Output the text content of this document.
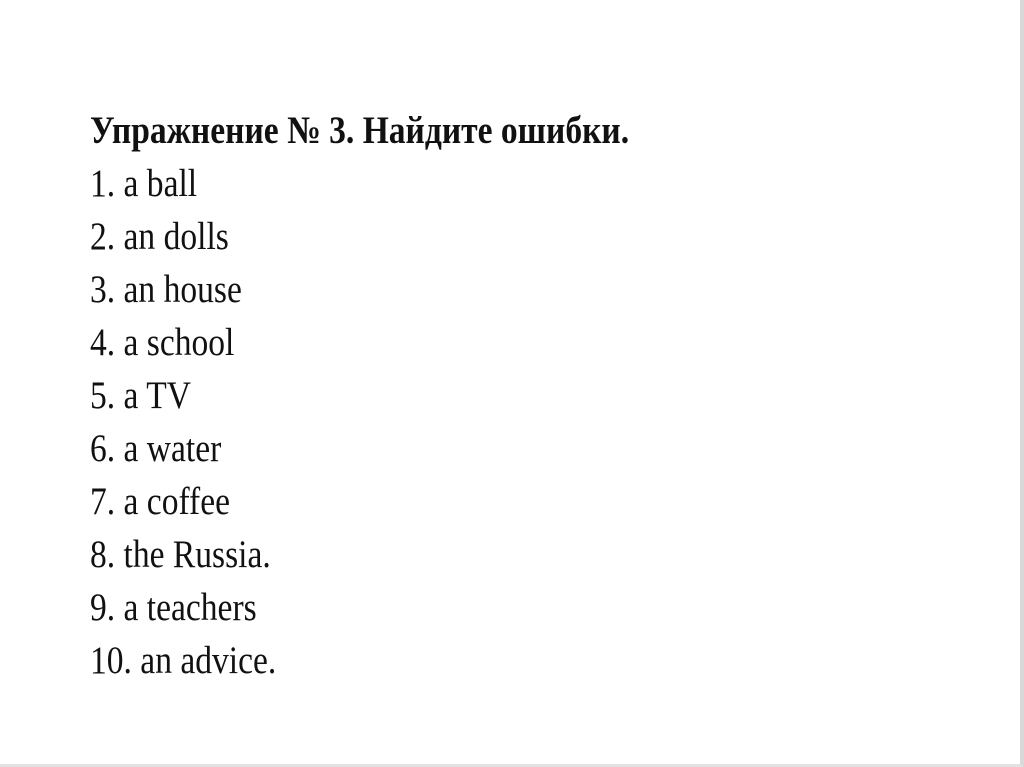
Упражнение № 3. Найдите ошибки.
1. a ball
2. an dolls
3. an house
4. a school
5. a TV
6. a water
7. a coffee
8. the Russia.
9. a teachers
10. an advice.
